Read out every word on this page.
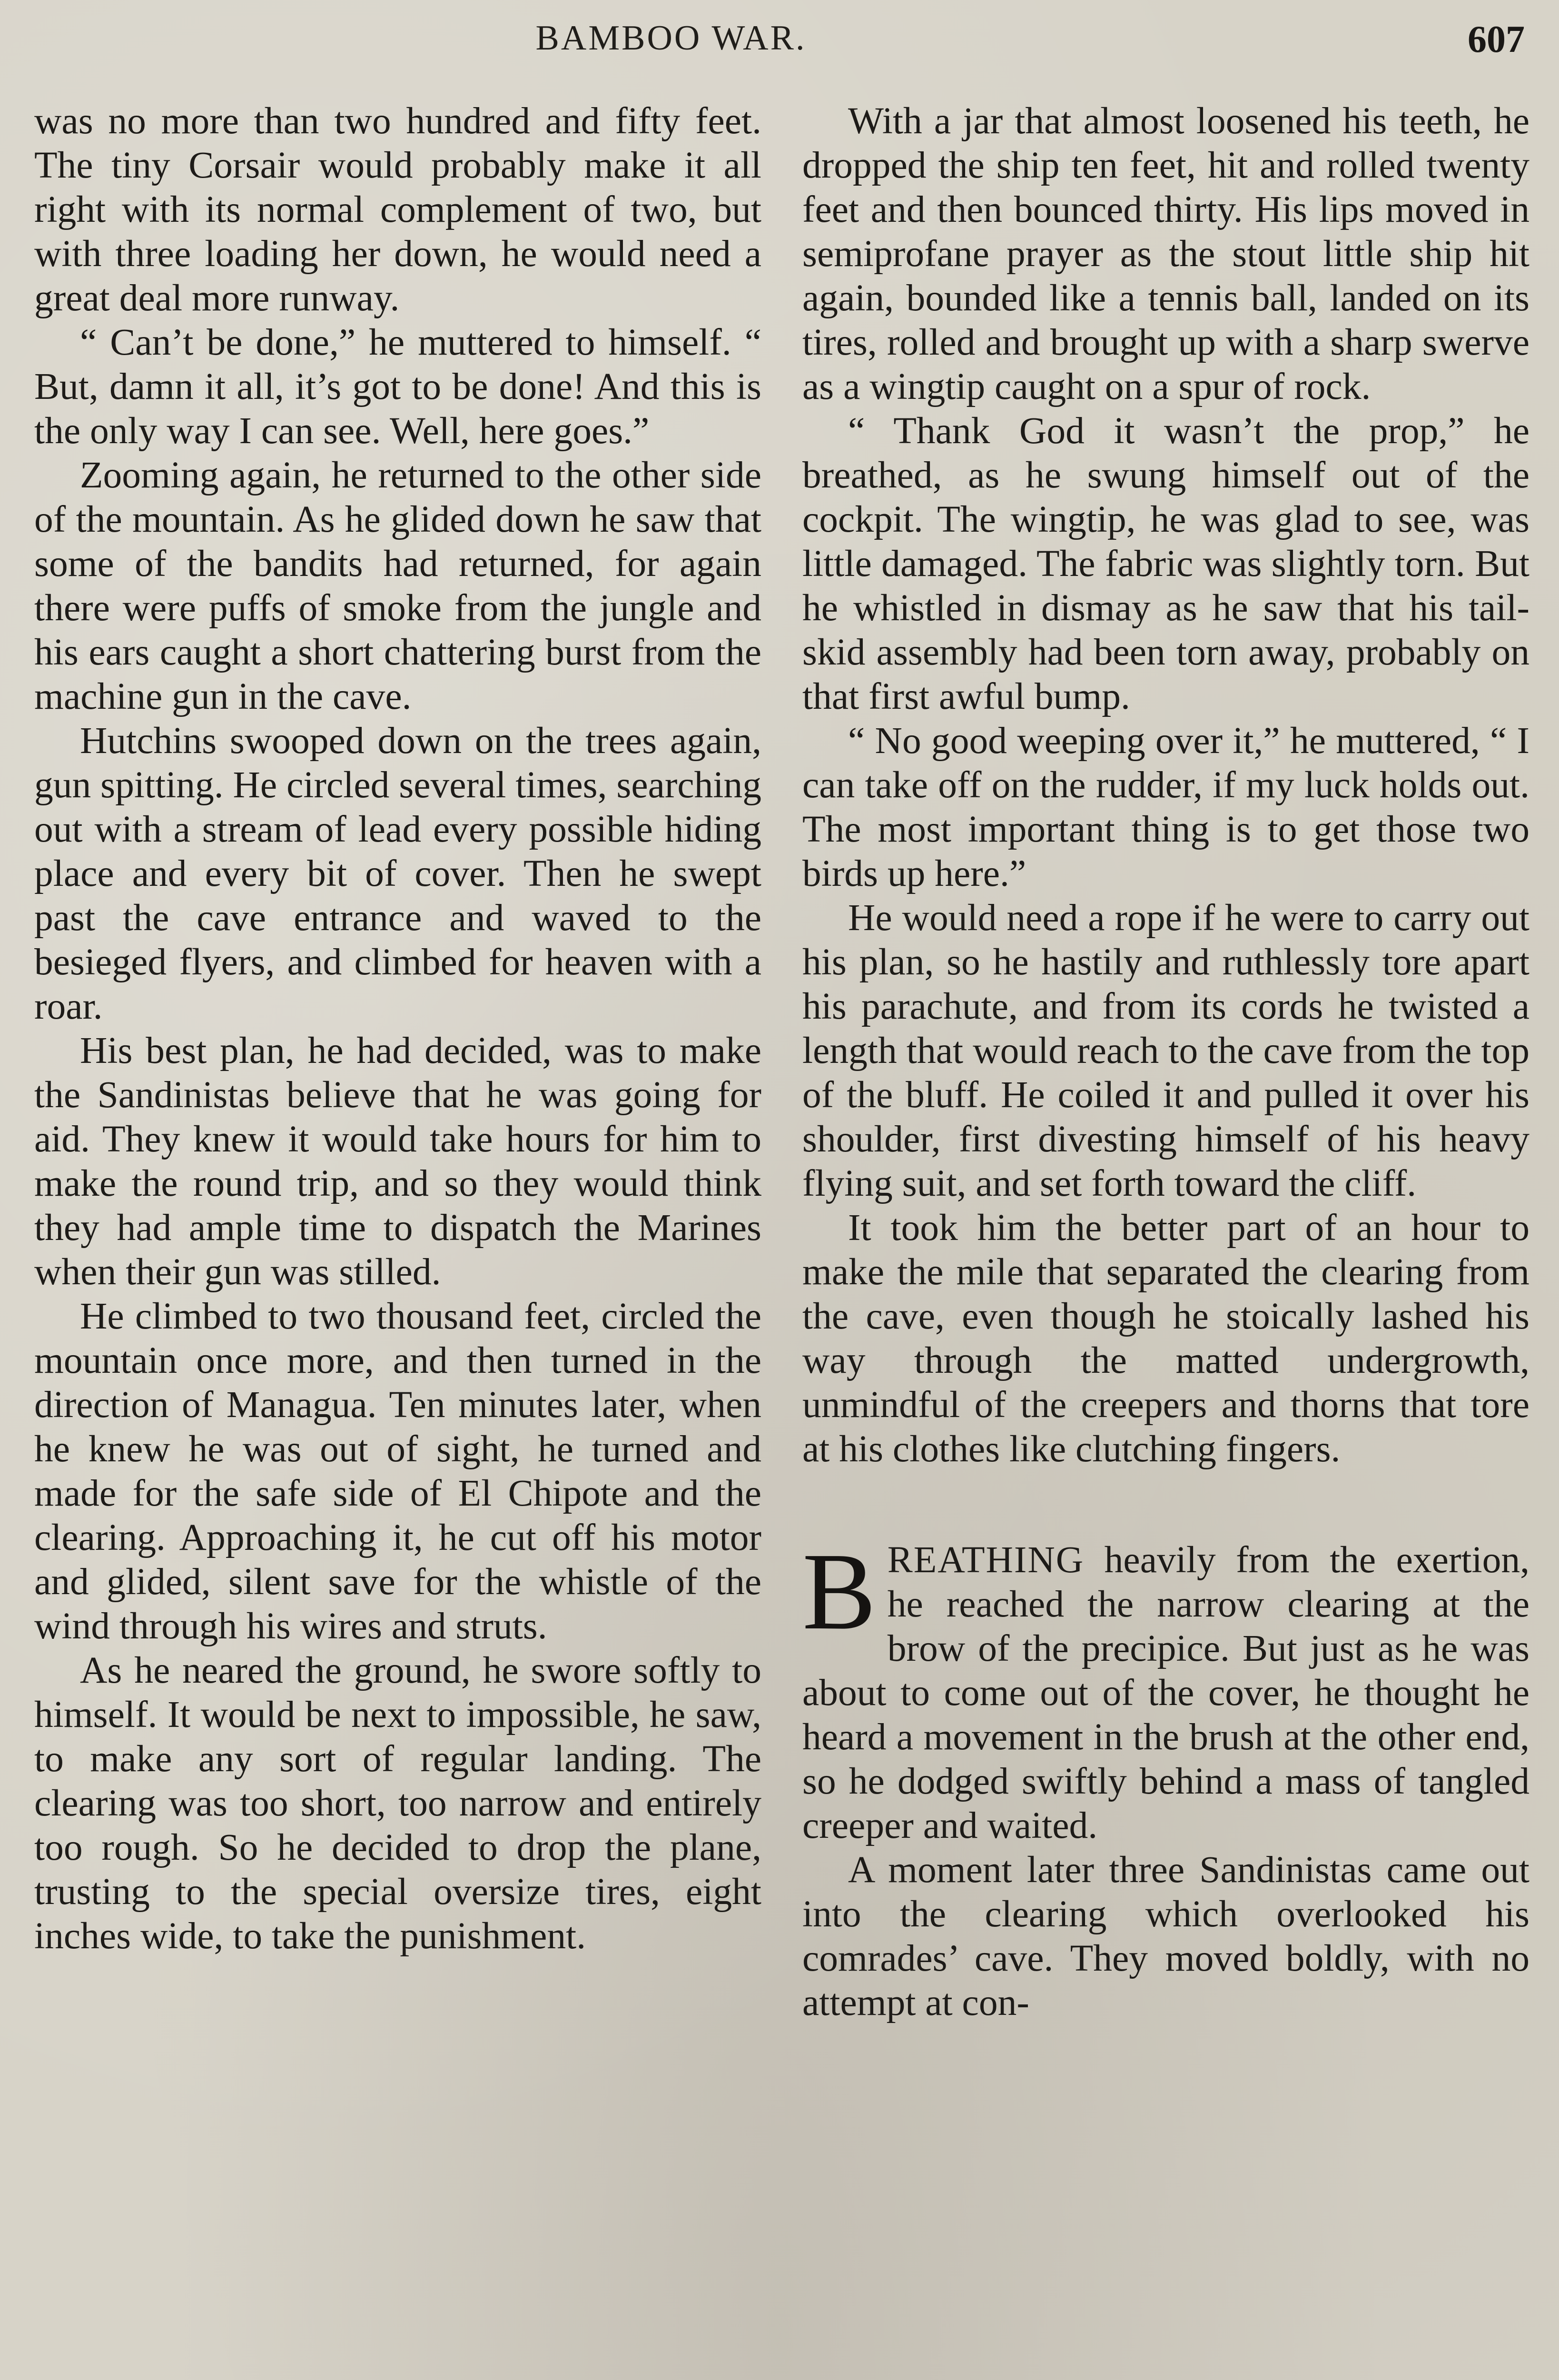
BAMBOO WAR.	607

was no more than two hundred and fifty feet. The tiny Corsair would probably make it all right with its normal complement of two, but with three loading her down, he would need a great deal more runway.

“ Can’t be done,” he muttered to himself. “ But, damn it all, it’s got to be done! And this is the only way I can see. Well, here goes.”

Zooming again, he returned to the other side of the mountain. As he glided down he saw that some of the bandits had returned, for again there were puffs of smoke from the jungle and his ears caught a short chattering burst from the machine gun in the cave.

Hutchins swooped down on the trees again, gun spitting. He circled several times, searching out with a stream of lead every possible hiding place and every bit of cover. Then he swept past the cave entrance and waved to the besieged flyers, and climbed for heaven with a roar.

His best plan, he had decided, was to make the Sandinistas believe that he was going for aid. They knew it would take hours for him to make the round trip, and so they would think they had ample time to dispatch the Marines when their gun was stilled.

He climbed to two thousand feet, circled the mountain once more, and then turned in the direction of Managua. Ten minutes later, when he knew he was out of sight, he turned and made for the safe side of El Chipote and the clearing. Approaching it, he cut off his motor and glided, silent save for the whistle of the wind through his wires and struts.

As he neared the ground, he swore softly to himself. It would be next to impossible, he saw, to make any sort of regular landing. The clearing was too short, too narrow and entirely too rough. So he decided to drop the plane, trusting to the special oversize tires, eight inches wide, to take the punishment.

With a jar that almost loosened his teeth, he dropped the ship ten feet, hit and rolled twenty feet and then bounced thirty. His lips moved in semiprofane prayer as the stout little ship hit again, bounded like a tennis ball, landed on its tires, rolled and brought up with a sharp swerve as a wingtip caught on a spur of rock.

“ Thank God it wasn’t the prop,” he breathed, as he swung himself out of the cockpit. The wingtip, he was glad to see, was little damaged. The fabric was slightly torn. But he whistled in dismay as he saw that his tail-skid assembly had been torn away, probably on that first awful bump.

“ No good weeping over it,” he muttered, “ I can take off on the rudder, if my luck holds out. The most important thing is to get those two birds up here.”

He would need a rope if he were to carry out his plan, so he hastily and ruthlessly tore apart his parachute, and from its cords he twisted a length that would reach to the cave from the top of the bluff. He coiled it and pulled it over his shoulder, first divesting himself of his heavy flying suit, and set forth toward the cliff.

It took him the better part of an hour to make the mile that separated the clearing from the cave, even though he stoically lashed his way through the matted undergrowth, unmindful of the creepers and thorns that tore at his clothes like clutching fingers.

BREATHING heavily from the exertion, he reached the narrow clearing at the brow of the precipice. But just as he was about to come out of the cover, he thought he heard a movement in the brush at the other end, so he dodged swiftly behind a mass of tangled creeper and waited.

A moment later three Sandinistas came out into the clearing which overlooked his comrades’ cave. They moved boldly, with no attempt at con-
